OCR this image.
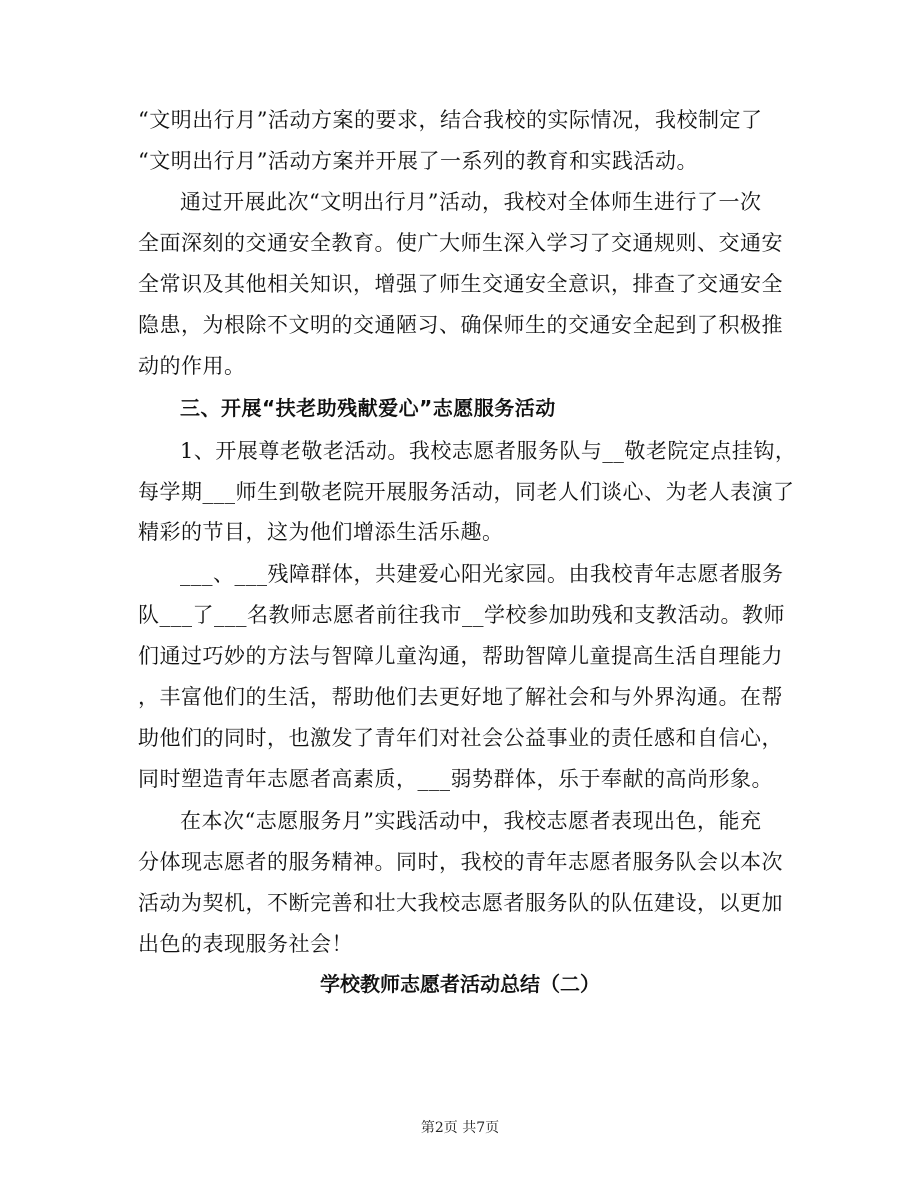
“文明出行月”活动方案的要求，结合我校的实际情况，我校制定了
“文明出行月”活动方案并开展了一系列的教育和实践活动。
通过开展此次“文明出行月”活动，我校对全体师生进行了一次
全面深刻的交通安全教育。使广大师生深入学习了交通规则、交通安
全常识及其他相关知识，增强了师生交通安全意识，排查了交通安全
隐患，为根除不文明的交通陋习、确保师生的交通安全起到了积极推
动的作用。
三、开展“扶老助残献爱心”志愿服务活动
1、开展尊老敬老活动。我校志愿者服务队与__敬老院定点挂钩，
每学期___师生到敬老院开展服务活动，同老人们谈心、为老人表演了
精彩的节目，这为他们增添生活乐趣。
___、___残障群体，共建爱心阳光家园。由我校青年志愿者服务
队___了___名教师志愿者前往我市__学校参加助残和支教活动。教师
们通过巧妙的方法与智障儿童沟通，帮助智障儿童提高生活自理能力
，丰富他们的生活，帮助他们去更好地了解社会和与外界沟通。在帮
助他们的同时，也激发了青年们对社会公益事业的责任感和自信心，
同时塑造青年志愿者高素质，___弱势群体，乐于奉献的高尚形象。
在本次“志愿服务月”实践活动中，我校志愿者表现出色，能充
分体现志愿者的服务精神。同时，我校的青年志愿者服务队会以本次
活动为契机，不断完善和壮大我校志愿者服务队的队伍建设，以更加
出色的表现服务社会！
学校教师志愿者活动总结（二）
第2页 共7页
